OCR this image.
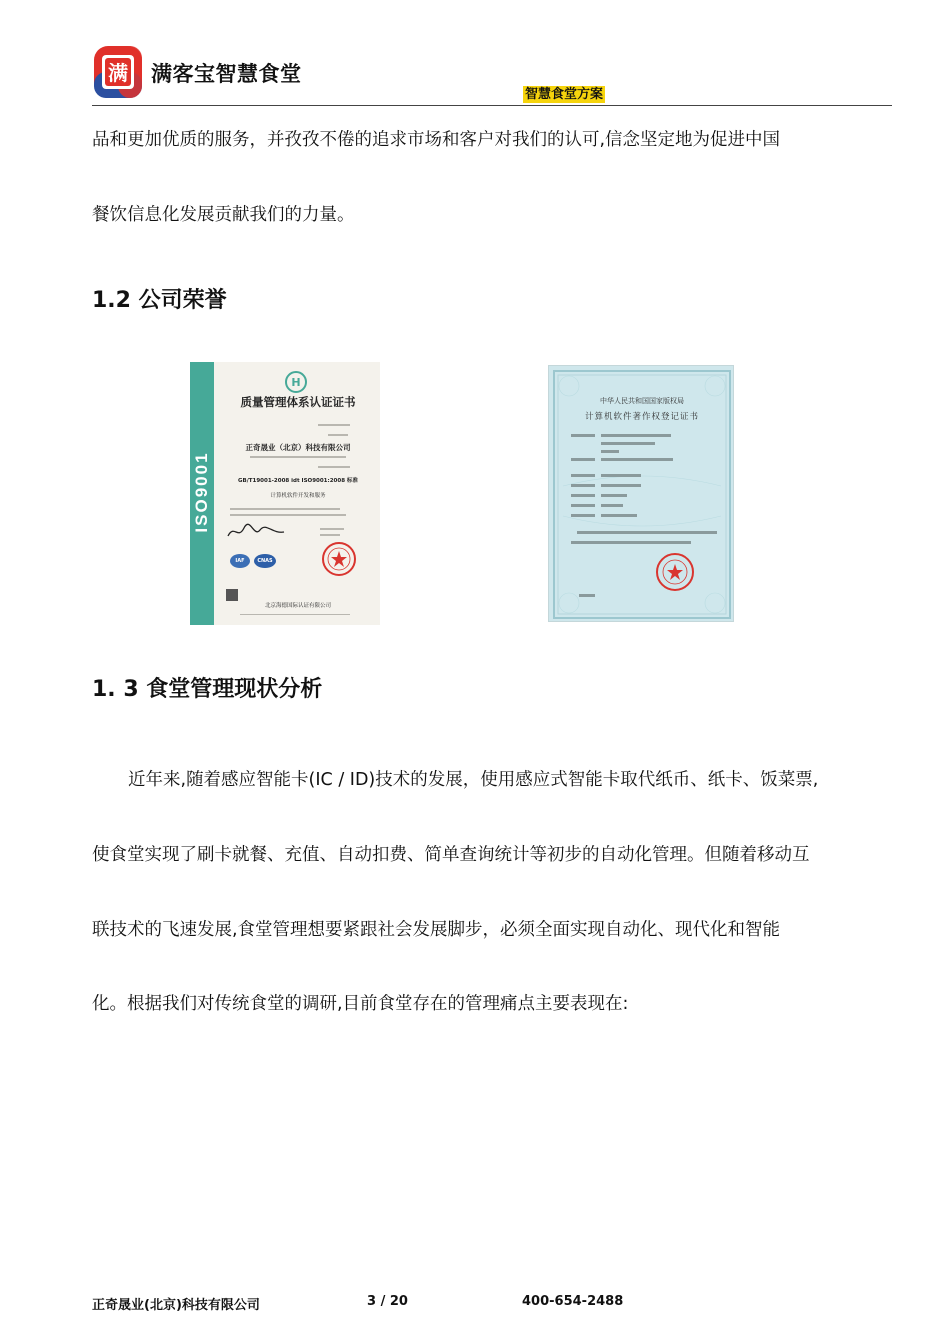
满 满客宝智慧食堂
智慧食堂方案
品和更加优质的服务，并孜孜不倦的追求市场和客户对我们的认可,信念坚定地为促进中国
餐饮信息化发展贡献我们的力量。
1.2 公司荣誉
ISO9001
H
质量管理体系认证证书
正奇晟业（北京）科技有限公司
GB/T19001-2008 idt ISO9001:2008 标准
计算机软件开发和服务
IAF	CNAS
北京海德国际认证有限公司
中华人民共和国国家版权局
计算机软件著作权登记证书
1. 3 食堂管理现状分析
近年来,随着感应智能卡(IC / ID)技术的发展，使用感应式智能卡取代纸币、纸卡、饭菜票,
使食堂实现了刷卡就餐、充值、自动扣费、简单查询统计等初步的自动化管理。但随着移动互
联技术的飞速发展,食堂管理想要紧跟社会发展脚步，必须全面实现自动化、现代化和智能
化。根据我们对传统食堂的调研,目前食堂存在的管理痛点主要表现在:
正奇晟业(北京)科技有限公司	3 / 20	400-654-2488
